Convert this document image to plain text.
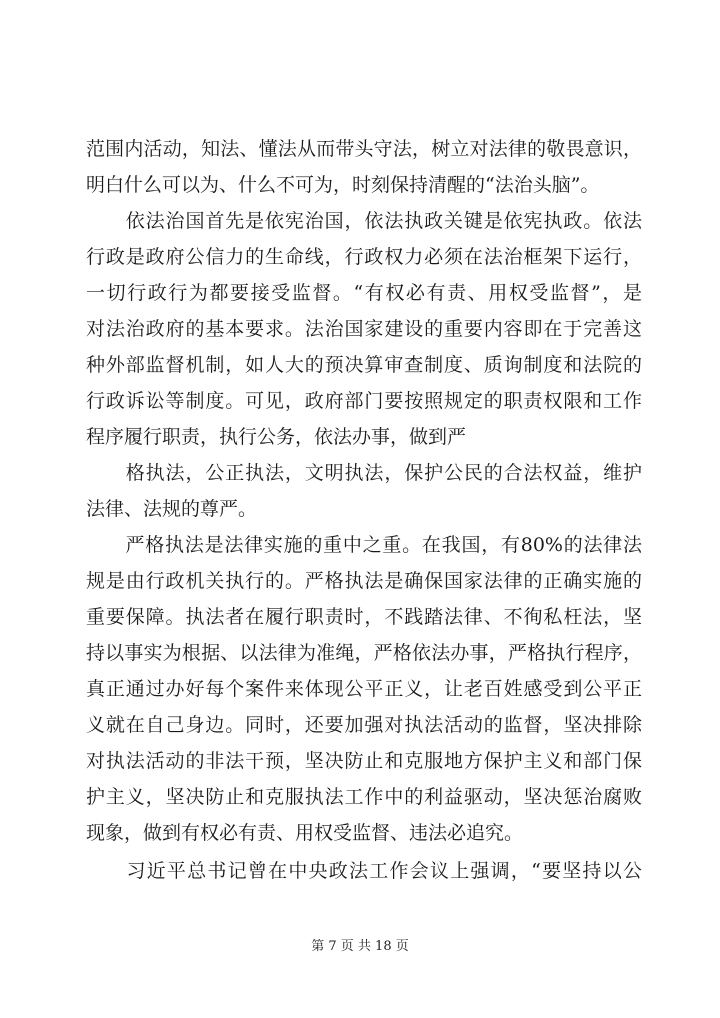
范围内活动，知法、懂法从而带头守法，树立对法律的敬畏意识，
明白什么可以为、什么不可为，时刻保持清醒的“法治头脑”。
　　依法治国首先是依宪治国，依法执政关键是依宪执政。依法
行政是政府公信力的生命线，行政权力必须在法治框架下运行，
一切行政行为都要接受监督。“有权必有责、用权受监督”，是
对法治政府的基本要求。法治国家建设的重要内容即在于完善这
种外部监督机制，如人大的预决算审查制度、质询制度和法院的
行政诉讼等制度。可见，政府部门要按照规定的职责权限和工作
程序履行职责，执行公务，依法办事，做到严
　　格执法，公正执法，文明执法，保护公民的合法权益，维护
法律、法规的尊严。
　　严格执法是法律实施的重中之重。在我国，有80%的法律法
规是由行政机关执行的。严格执法是确保国家法律的正确实施的
重要保障。执法者在履行职责时，不践踏法律、不徇私枉法，坚
持以事实为根据、以法律为准绳，严格依法办事，严格执行程序，
真正通过办好每个案件来体现公平正义，让老百姓感受到公平正
义就在自己身边。同时，还要加强对执法活动的监督，坚决排除
对执法活动的非法干预，坚决防止和克服地方保护主义和部门保
护主义，坚决防止和克服执法工作中的利益驱动，坚决惩治腐败
现象，做到有权必有责、用权受监督、违法必追究。
　　习近平总书记曾在中央政法工作会议上强调，“要坚持以公
第 7 页 共 18 页
